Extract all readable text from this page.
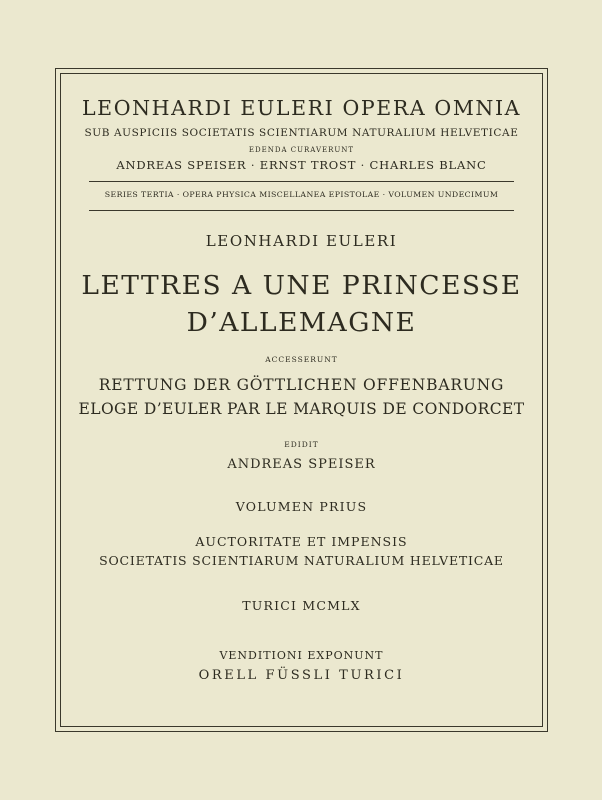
LEONHARDI EULERI OPERA OMNIA
SUB AUSPICIIS SOCIETATIS SCIENTIARUM NATURALIUM HELVETICAE
EDENDA CURAVERUNT
ANDREAS SPEISER · ERNST TROST · CHARLES BLANC
SERIES TERTIA · OPERA PHYSICA MISCELLANEA EPISTOLAE · VOLUMEN UNDECIMUM
LEONHARDI EULERI
LETTRES A UNE PRINCESSE
D’ALLEMAGNE
ACCESSERUNT
RETTUNG DER GÖTTLICHEN OFFENBARUNG
ELOGE D’EULER PAR LE MARQUIS DE CONDORCET
EDIDIT
ANDREAS SPEISER
VOLUMEN PRIUS
AUCTORITATE ET IMPENSIS
SOCIETATIS SCIENTIARUM NATURALIUM HELVETICAE
TURICI MCMLX
VENDITIONI EXPONUNT
ORELL FÜSSLI TURICI
